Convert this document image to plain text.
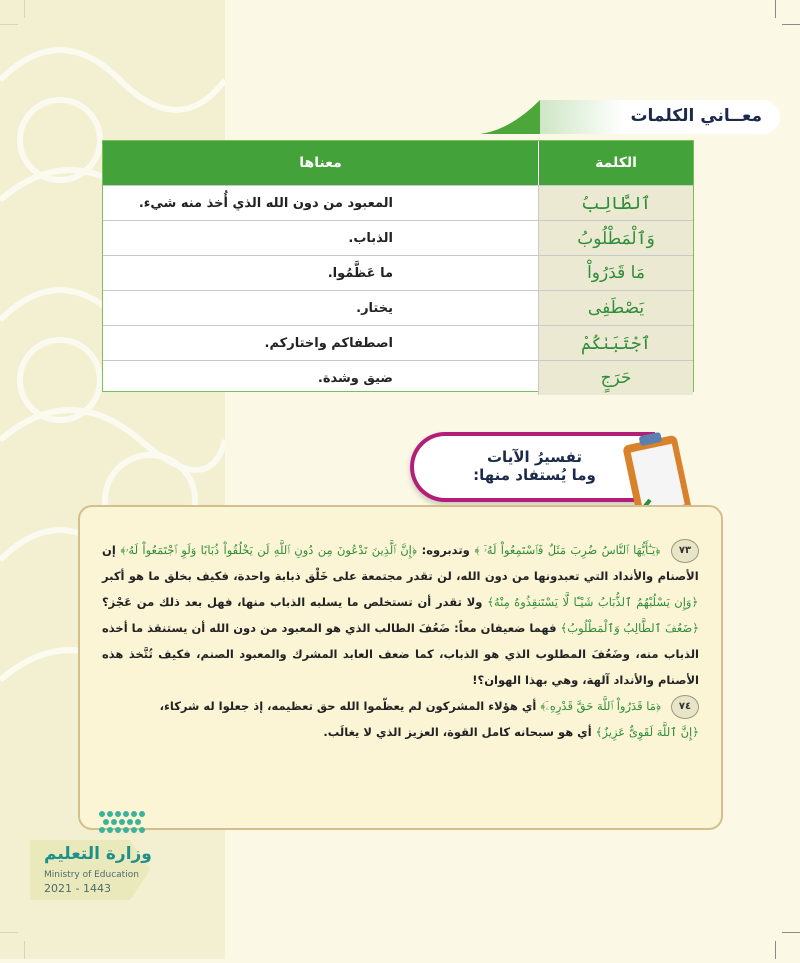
معــاني الكلمات
الكلمة
معناها
ٱلطَّالِبُ
المعبود من دون الله الذي أُخذ منه شيء.
وَٱلْمَطْلُوبُ
الذباب.
مَا قَدَرُواْ
ما عَظَّمُوا.
يَصْطَفِى
يختار.
ٱجْتَبَىٰكُمْ
اصطفاكم واختاركم.
حَرَجٍ
ضيق وشدة.
تفسيرُ الآيات
وما يُستفاد منها:

٧٣ ﴿يَـٰٓأَيُّهَا ٱلنَّاسُ ضُرِبَ مَثَلٌ فَٱسْتَمِعُواْ لَهُۥٓ ﴾ وتدبروه: ﴿إِنَّ ٱلَّذِينَ تَدْعُونَ مِن دُونِ ٱللَّهِ لَن يَخْلُقُواْ ذُبَابًا وَلَوِ ٱجْتَمَعُواْ لَهُۥ﴾ إن الأصنام والأنداد التي تعبدونها من دون الله، لن تقدر مجتمعة على خَلْق ذبابة واحدة، فكيف بخلق ما هو أكبر ﴿وَإِن يَسْلُبْهُمُ ٱلذُّبَابُ شَيْـًٔا لَّا يَسْتَنقِذُوهُ مِنْهُ﴾ ولا تقدر أن تستخلص ما يسلبه الذباب منها، فهل بعد ذلك من عَجْز؟ ﴿ضَعُفَ ٱلطَّالِبُ وَٱلْمَطْلُوبُ﴾ فهما ضعيفان معاً: ضَعُفَ الطالب الذي هو المعبود من دون الله أن يستنقذ ما أخذه الذباب منه، وضَعُفَ المطلوب الذي هو الذباب، كما ضعف العابد المشرك والمعبود الصنم، فكيف تُتَّخذ هذه الأصنام والأنداد آلهة، وهي بهذا الهوان؟!

٧٤ ﴿مَا قَدَرُواْ ٱللَّهَ حَقَّ قَدْرِهِۦٓ﴾ أي هؤلاء المشركون لم يعظّموا الله حق تعظيمه، إذ جعلوا له شركاء،

﴿إِنَّ ٱللَّهَ لَقَوِىٌّ عَزِيزٌ﴾ أي هو سبحانه كامل القوة، العزيز الذي لا يغالَب.

وزارة التعليم
Ministry of Education
2021 - 1443
